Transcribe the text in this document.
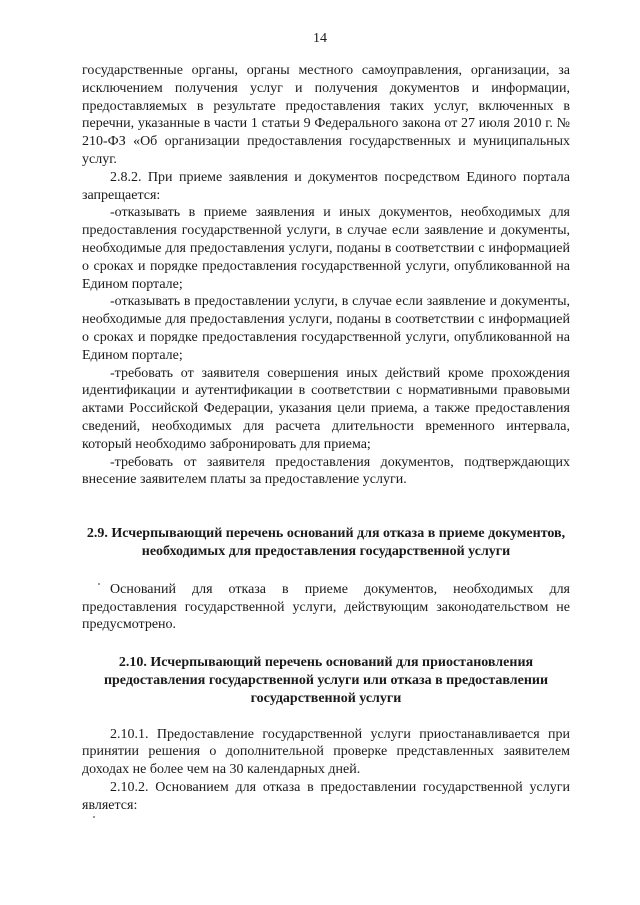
14

государственные органы, органы местного самоуправления, организации, за исключением получения услуг и получения документов и информации, предоставляемых в результате предоставления таких услуг, включенных в перечни, указанные в части 1 статьи 9 Федерального закона от 27 июля 2010 г. № 210-ФЗ «Об организации предоставления государственных и муниципальных услуг.

2.8.2. При приеме заявления и документов посредством Единого портала запрещается:

-отказывать в приеме заявления и иных документов, необходимых для предоставления государственной услуги, в случае если заявление и документы, необходимые для предоставления услуги, поданы в соответствии с информацией о сроках и порядке предоставления государственной услуги, опубликованной на Едином портале;

-отказывать в предоставлении услуги, в случае если заявление и документы, необходимые для предоставления услуги, поданы в соответствии с информацией о сроках и порядке предоставления государственной услуги, опубликованной на Едином портале;

-требовать от заявителя совершения иных действий кроме прохождения идентификации и аутентификации в соответствии с нормативными правовыми актами Российской Федерации, указания цели приема, а также предоставления сведений, необходимых для расчета длительности временного интервала, который необходимо забронировать для приема;

-требовать от заявителя предоставления документов, подтверждающих внесение заявителем платы за предоставление услуги.

2.9. Исчерпывающий перечень оснований для отказа в приеме документов, необходимых для предоставления государственной услуги

Оснований для отказа в приеме документов, необходимых для предоставления государственной услуги, действующим законодательством не предусмотрено.

2.10. Исчерпывающий перечень оснований для приостановления предоставления государственной услуги или отказа в предоставлении государственной услуги

2.10.1. Предоставление государственной услуги приостанавливается при принятии решения о дополнительной проверке представленных заявителем доходах не более чем на 30 календарных дней.

2.10.2. Основанием для отказа в предоставлении государственной услуги является:
